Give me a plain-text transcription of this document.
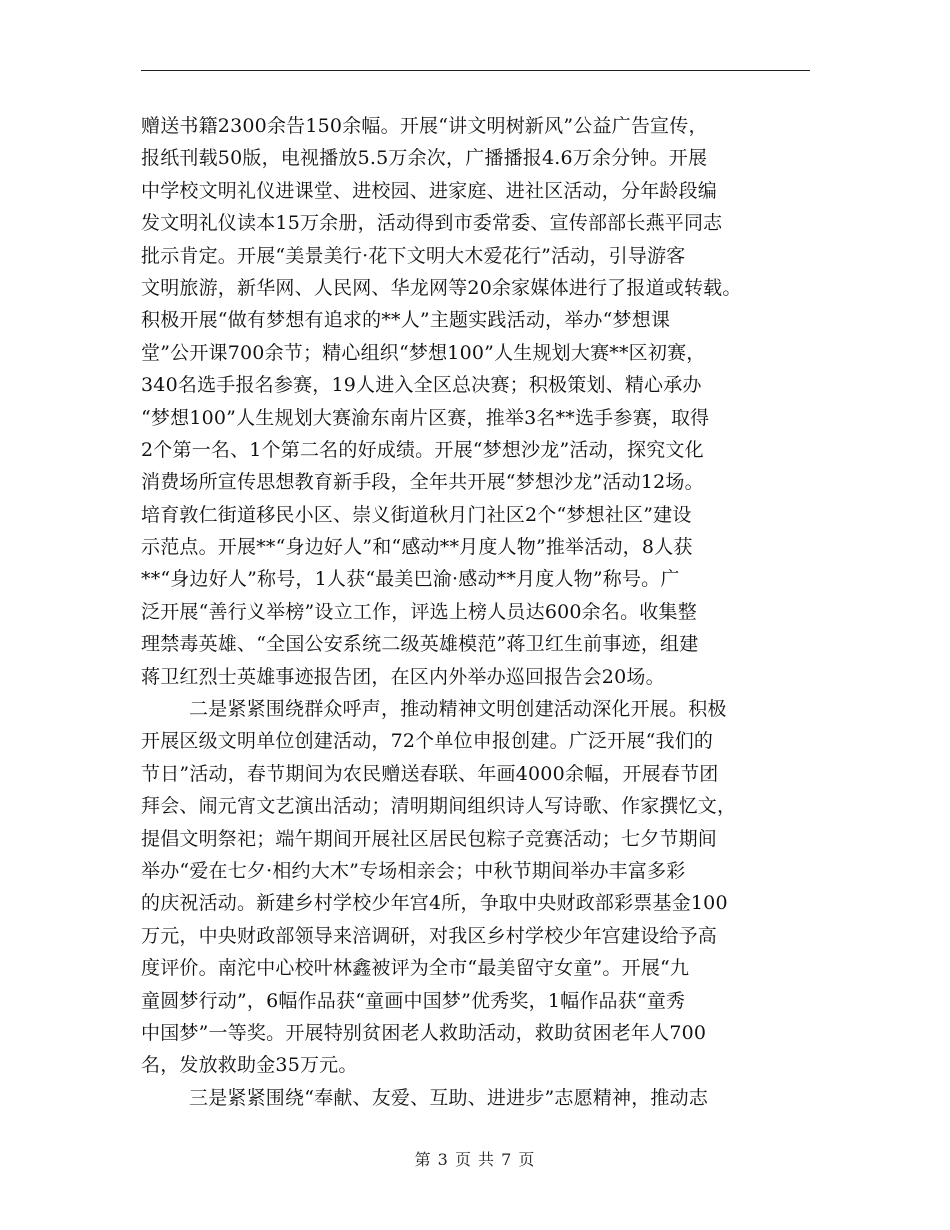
赠送书籍2300余告150余幅。开展“讲文明树新风”公益广告宣传，
报纸刊载50版，电视播放5.5万余次，广播播报4.6万余分钟。开展
中学校文明礼仪进课堂、进校园、进家庭、进社区活动，分年龄段编
发文明礼仪读本15万余册，活动得到市委常委、宣传部部长燕平同志
批示肯定。开展“美景美行·花下文明大木爱花行”活动，引导游客
文明旅游，新华网、人民网、华龙网等20余家媒体进行了报道或转载。
积极开展“做有梦想有追求的**人”主题实践活动，举办“梦想课
堂”公开课700余节；精心组织“梦想100”人生规划大赛**区初赛，
340名选手报名参赛，19人进入全区总决赛；积极策划、精心承办
“梦想100”人生规划大赛渝东南片区赛，推举3名**选手参赛，取得
2个第一名、1个第二名的好成绩。开展“梦想沙龙”活动，探究文化
消费场所宣传思想教育新手段，全年共开展“梦想沙龙”活动12场。
培育敦仁街道移民小区、崇义街道秋月门社区2个“梦想社区”建设
示范点。开展**“身边好人”和“感动**月度人物”推举活动，8人获
**“身边好人”称号，1人获“最美巴渝·感动**月度人物”称号。广
泛开展“善行义举榜”设立工作，评选上榜人员达600余名。收集整
理禁毒英雄、“全国公安系统二级英雄模范”蒋卫红生前事迹，组建
蒋卫红烈士英雄事迹报告团，在区内外举办巡回报告会20场。
二是紧紧围绕群众呼声，推动精神文明创建活动深化开展。积极
开展区级文明单位创建活动，72个单位申报创建。广泛开展“我们的
节日”活动，春节期间为农民赠送春联、年画4000余幅，开展春节团
拜会、闹元宵文艺演出活动；清明期间组织诗人写诗歌、作家撰忆文，
提倡文明祭祀；端午期间开展社区居民包粽子竞赛活动；七夕节期间
举办“爱在七夕·相约大木”专场相亲会；中秋节期间举办丰富多彩
的庆祝活动。新建乡村学校少年宫4所，争取中央财政部彩票基金100
万元，中央财政部领导来涪调研，对我区乡村学校少年宫建设给予高
度评价。南沱中心校叶林鑫被评为全市“最美留守女童”。开展“九
童圆梦行动”，6幅作品获“童画中国梦”优秀奖，1幅作品获“童秀
中国梦”一等奖。开展特别贫困老人救助活动，救助贫困老年人700
名，发放救助金35万元。
三是紧紧围绕“奉献、友爱、互助、进进步”志愿精神，推动志
第 3 页 共 7 页
